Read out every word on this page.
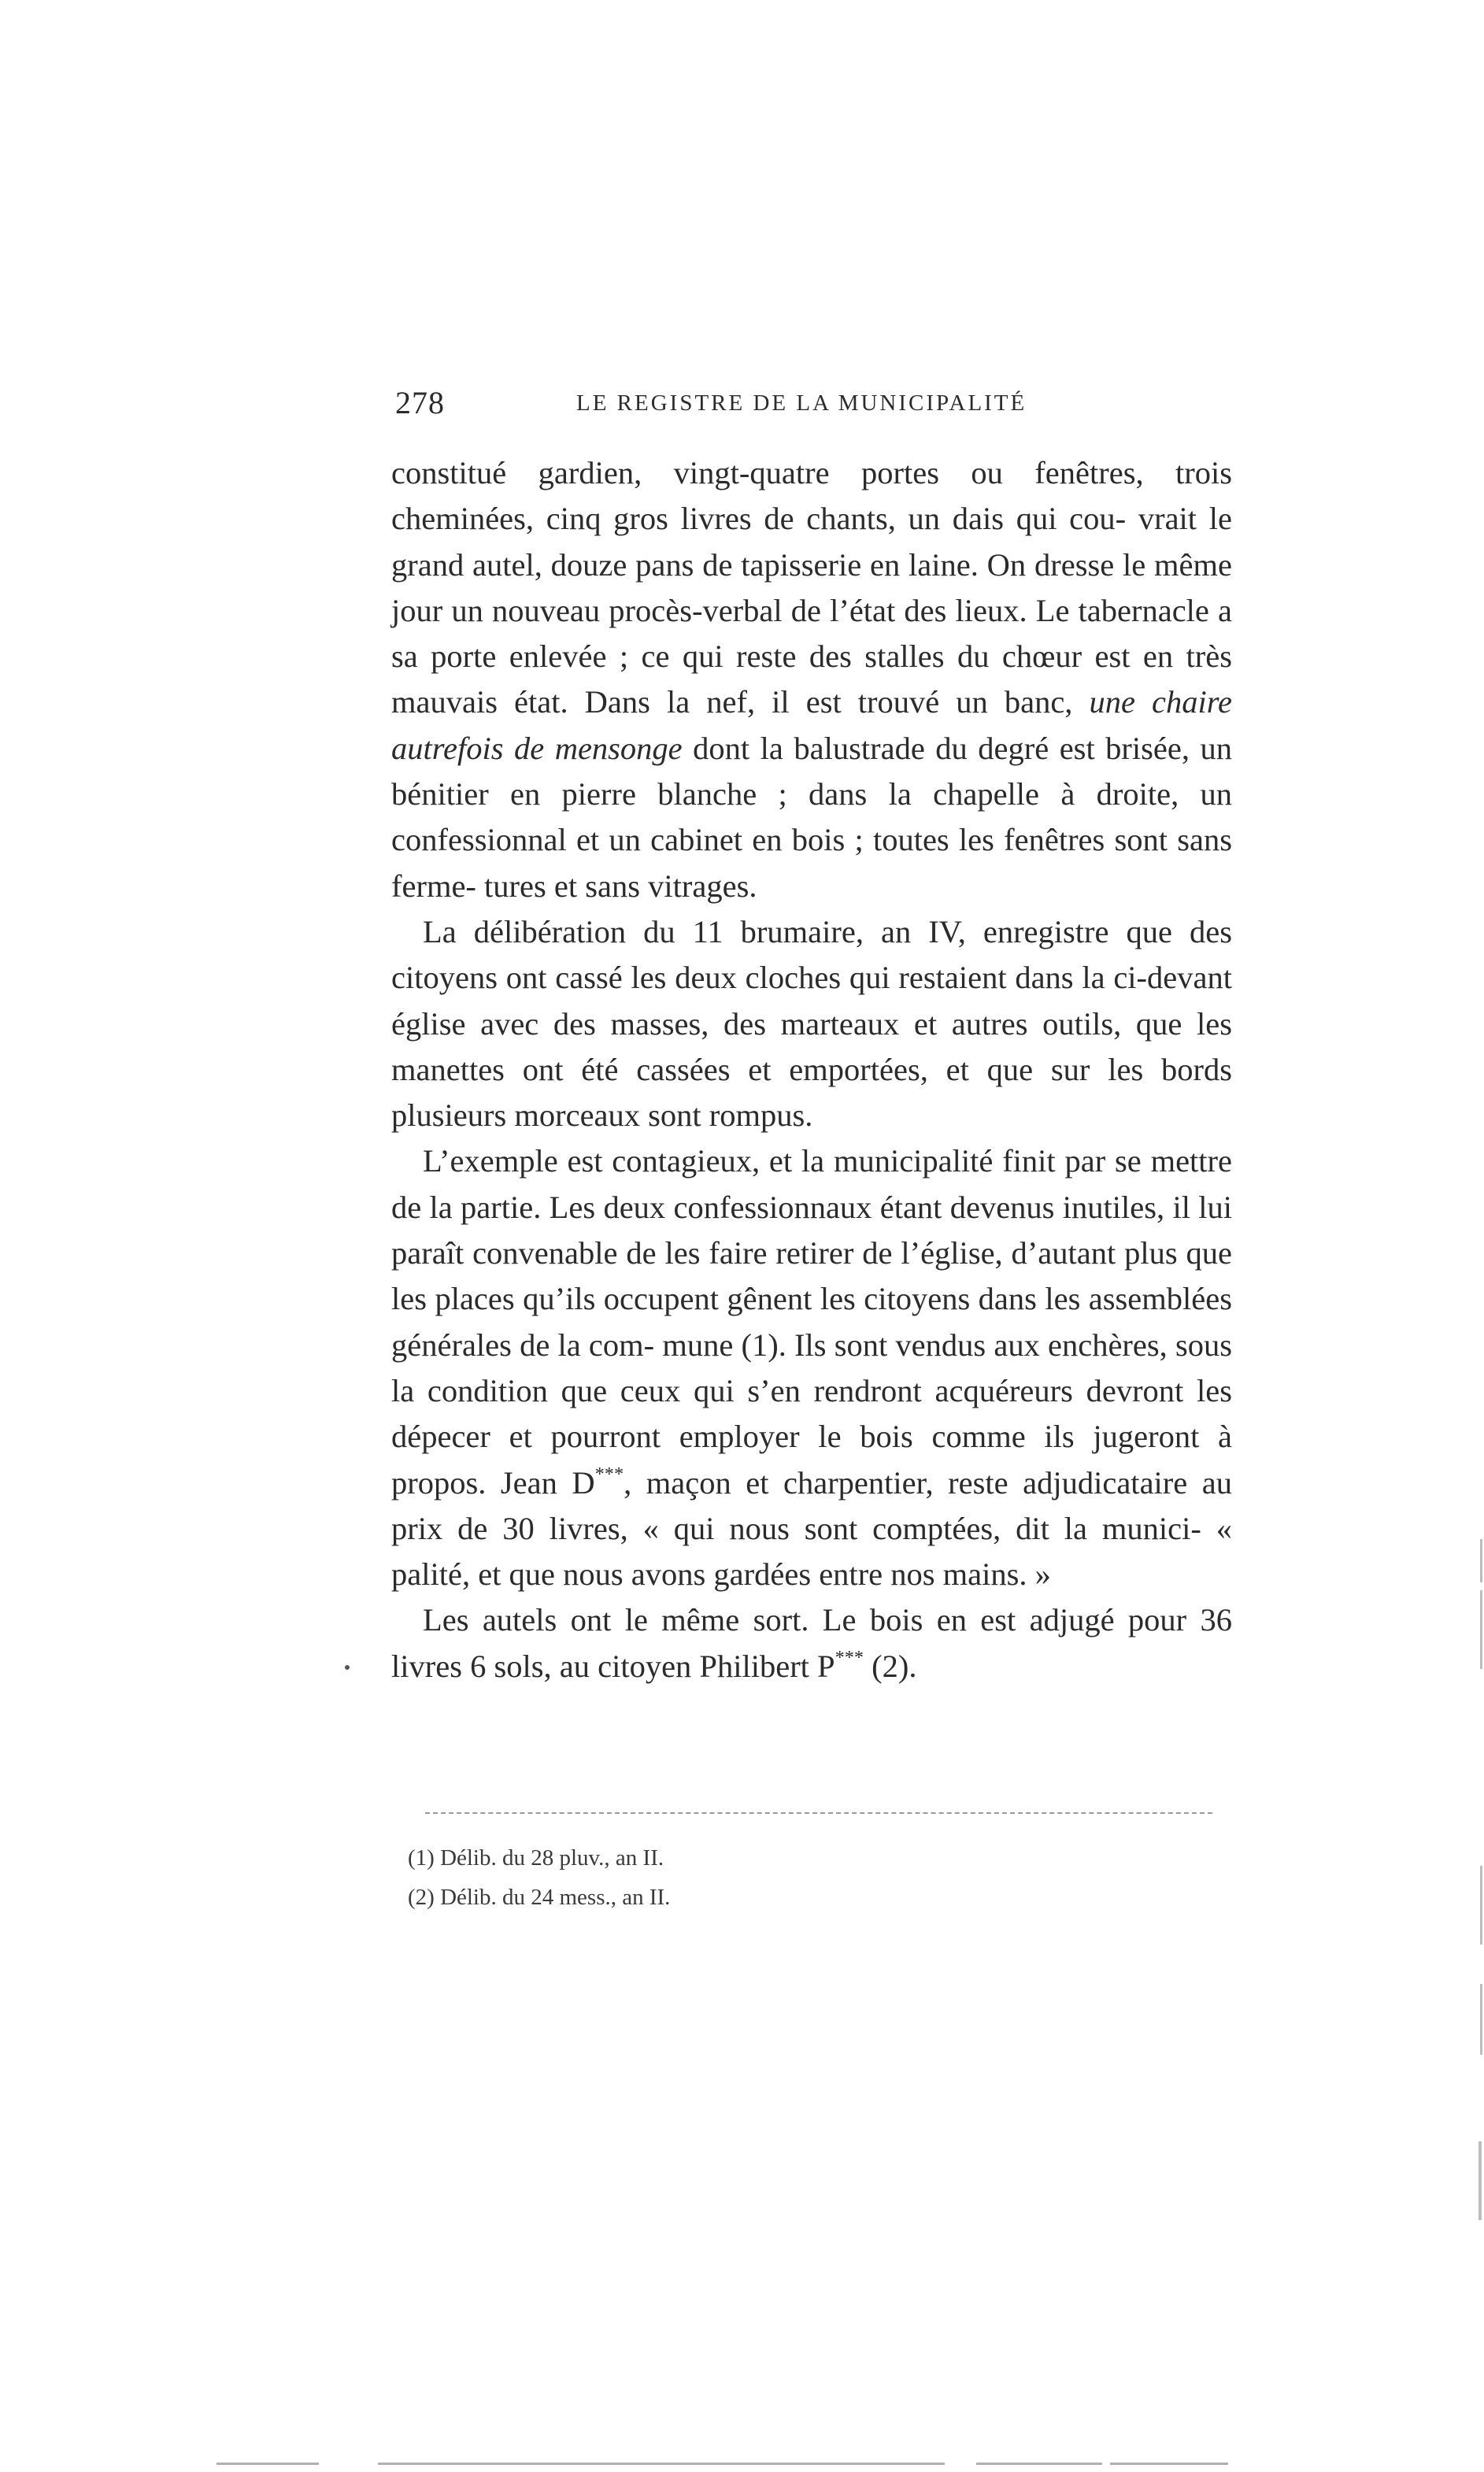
278	LE REGISTRE DE LA MUNICIPALITÉ

constitué gardien, vingt-quatre portes ou fenêtres, trois cheminées, cinq gros livres de chants, un dais qui cou- vrait le grand autel, douze pans de tapisserie en laine. On dresse le même jour un nouveau procès-verbal de l’état des lieux. Le tabernacle a sa porte enlevée ; ce qui reste des stalles du chœur est en très mauvais état. Dans la nef, il est trouvé un banc, une chaire autrefois de mensonge dont la balustrade du degré est brisée, un bénitier en pierre blanche ; dans la chapelle à droite, un confessionnal et un cabinet en bois ; toutes les fenêtres sont sans ferme- tures et sans vitrages.

La délibération du 11 brumaire, an IV, enregistre que des citoyens ont cassé les deux cloches qui restaient dans la ci-devant église avec des masses, des marteaux et autres outils, que les manettes ont été cassées et emportées, et que sur les bords plusieurs morceaux sont rompus.

L’exemple est contagieux, et la municipalité finit par se mettre de la partie. Les deux confessionnaux étant devenus inutiles, il lui paraît convenable de les faire retirer de l’église, d’autant plus que les places qu’ils occupent gênent les citoyens dans les assemblées générales de la com- mune (1). Ils sont vendus aux enchères, sous la condition que ceux qui s’en rendront acquéreurs devront les dépecer et pourront employer le bois comme ils jugeront à propos. Jean D***, maçon et charpentier, reste adjudicataire au prix de 30 livres, « qui nous sont comptées, dit la munici- « palité, et que nous avons gardées entre nos mains. »

Les autels ont le même sort. Le bois en est adjugé pour 36 livres 6 sols, au citoyen Philibert P*** (2).

(1) Délib. du 28 pluv., an II.

(2) Délib. du 24 mess., an II.
